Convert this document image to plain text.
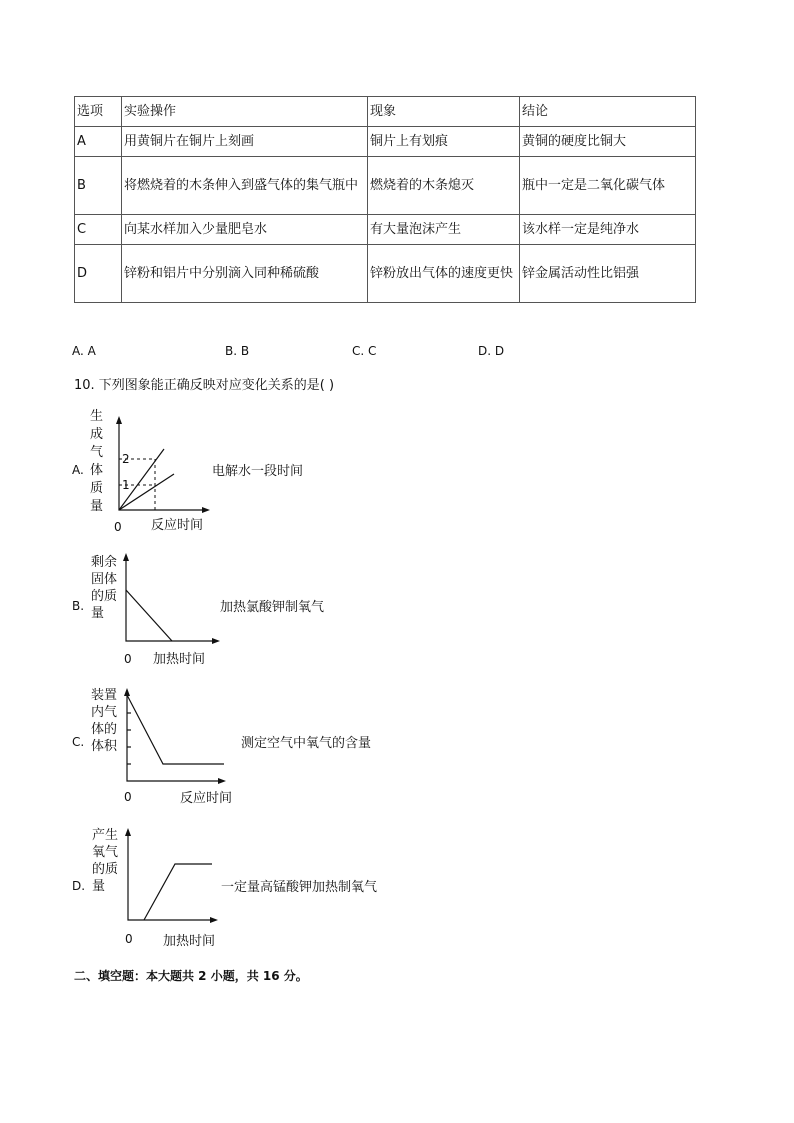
选项	实验操作	现象	结论
A	用黄铜片在铜片上刻画	铜片上有划痕	黄铜的硬度比铜大
B	将燃烧着的木条伸入到盛气体的集气瓶中	燃烧着的木条熄灭	瓶中一定是二氧化碳气体
C	向某水样加入少量肥皂水	有大量泡沫产生	该水样一定是纯净水
D	锌粉和铝片中分别滴入同种稀硫酸	锌粉放出气体的速度更快	锌金属活动性比铝强
A. A	B. B	C. C	D. D
10. 下列图象能正确反映对应变化关系的是( )
A.
生
成
气
体
质
量
2
1
0 反应时间
电解水一段时间
B.
剩余
固体
的质
量
0 加热时间
加热氯酸钾制氧气
C.
装置
内气
体的
体积
0	反应时间
测定空气中氧气的含量
D.
产生
氧气
的质
量
0 加热时间
一定量高锰酸钾加热制氧气
二、填空题：本大题共 2 小题，共 16 分。
